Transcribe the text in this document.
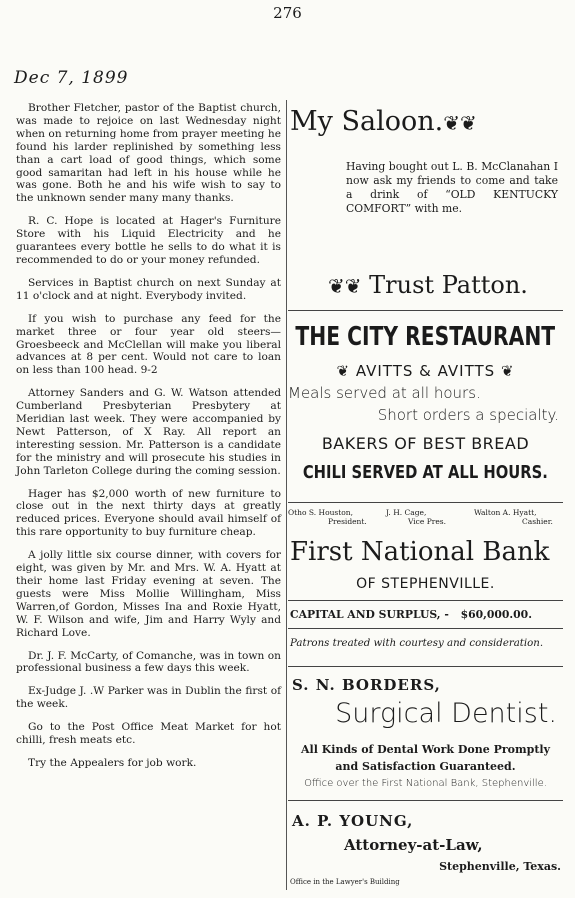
276
Dec 7, 1899

Brother Fletcher, pastor of the Baptist church, was made to rejoice on last Wednesday night when on returning home from prayer meeting he found his larder replinished by something less than a cart load of good things, which some good samaritan had left in his house while he was gone. Both he and his wife wish to say to the unknown sender many many thanks.

R. C. Hope is located at Hager's Furniture Store with his Liquid Electricity and he guarantees every bottle he sells to do what it is recommended to do or your money refunded.

Services in Baptist church on next Sunday at 11 o'clock and at night. Everybody invited.

If you wish to purchase any feed for the market three or four year old steers—Groesbeeck and McClellan will make you liberal advances at 8 per cent. Would not care to loan on less than 100 head. 9-2

Attorney Sanders and G. W. Watson attended Cumberland Presbyterian Presbytery at Meridian last week. They were accompanied by Newt Patterson, of X Ray. All report an interesting session. Mr. Patterson is a candidate for the ministry and will prosecute his studies in John Tarleton College during the coming session.

Hager has $2,000 worth of new furniture to close out in the next thirty days at greatly reduced prices. Everyone should avail himself of this rare opportunity to buy furniture cheap.

A jolly little six course dinner, with covers for eight, was given by Mr. and Mrs. W. A. Hyatt at their home last Friday evening at seven. The guests were Miss Mollie Willingham, Miss Warren,of Gordon, Misses Ina and Roxie Hyatt, W. F. Wilson and wife, Jim and Harry Wyly and Richard Love.

Dr. J. F. McCarty, of Comanche, was in town on professional business a few days this week.

Ex-Judge J. .W Parker was in Dublin the first of the week.

Go to the Post Office Meat Market for hot chilli, fresh meats etc.

Try the Appealers for job work.

My Saloon.❦❦
Having bought out L. B. McClanahan I now ask my friends to come and take a drink of “OLD KENTUCKY COMFORT” with me.
❦❦ Trust Patton.
THE CITY RESTAURANT
❦ AVITTS & AVITTS ❦
Meals served at all hours.
Short orders a specialty.
BAKERS OF BEST BREAD
CHILI SERVED AT ALL HOURS.
Otho S. Houston,
President.
J. H. Cage,
Vice Pres.
Walton A. Hyatt,
Cashier.
First National Bank
OF STEPHENVILLE.
CAPITAL AND SURPLUS, - $60,000.00.
Patrons treated with courtesy and consideration.
S. N. BORDERS,
Surgical Dentist.
All Kinds of Dental Work Done Promptly
and Satisfaction Guaranteed.
Office over the First National Bank, Stephenville.
A. P. YOUNG,
Attorney-at-Law,
Stephenville, Texas.
Office in the Lawyer's Building
